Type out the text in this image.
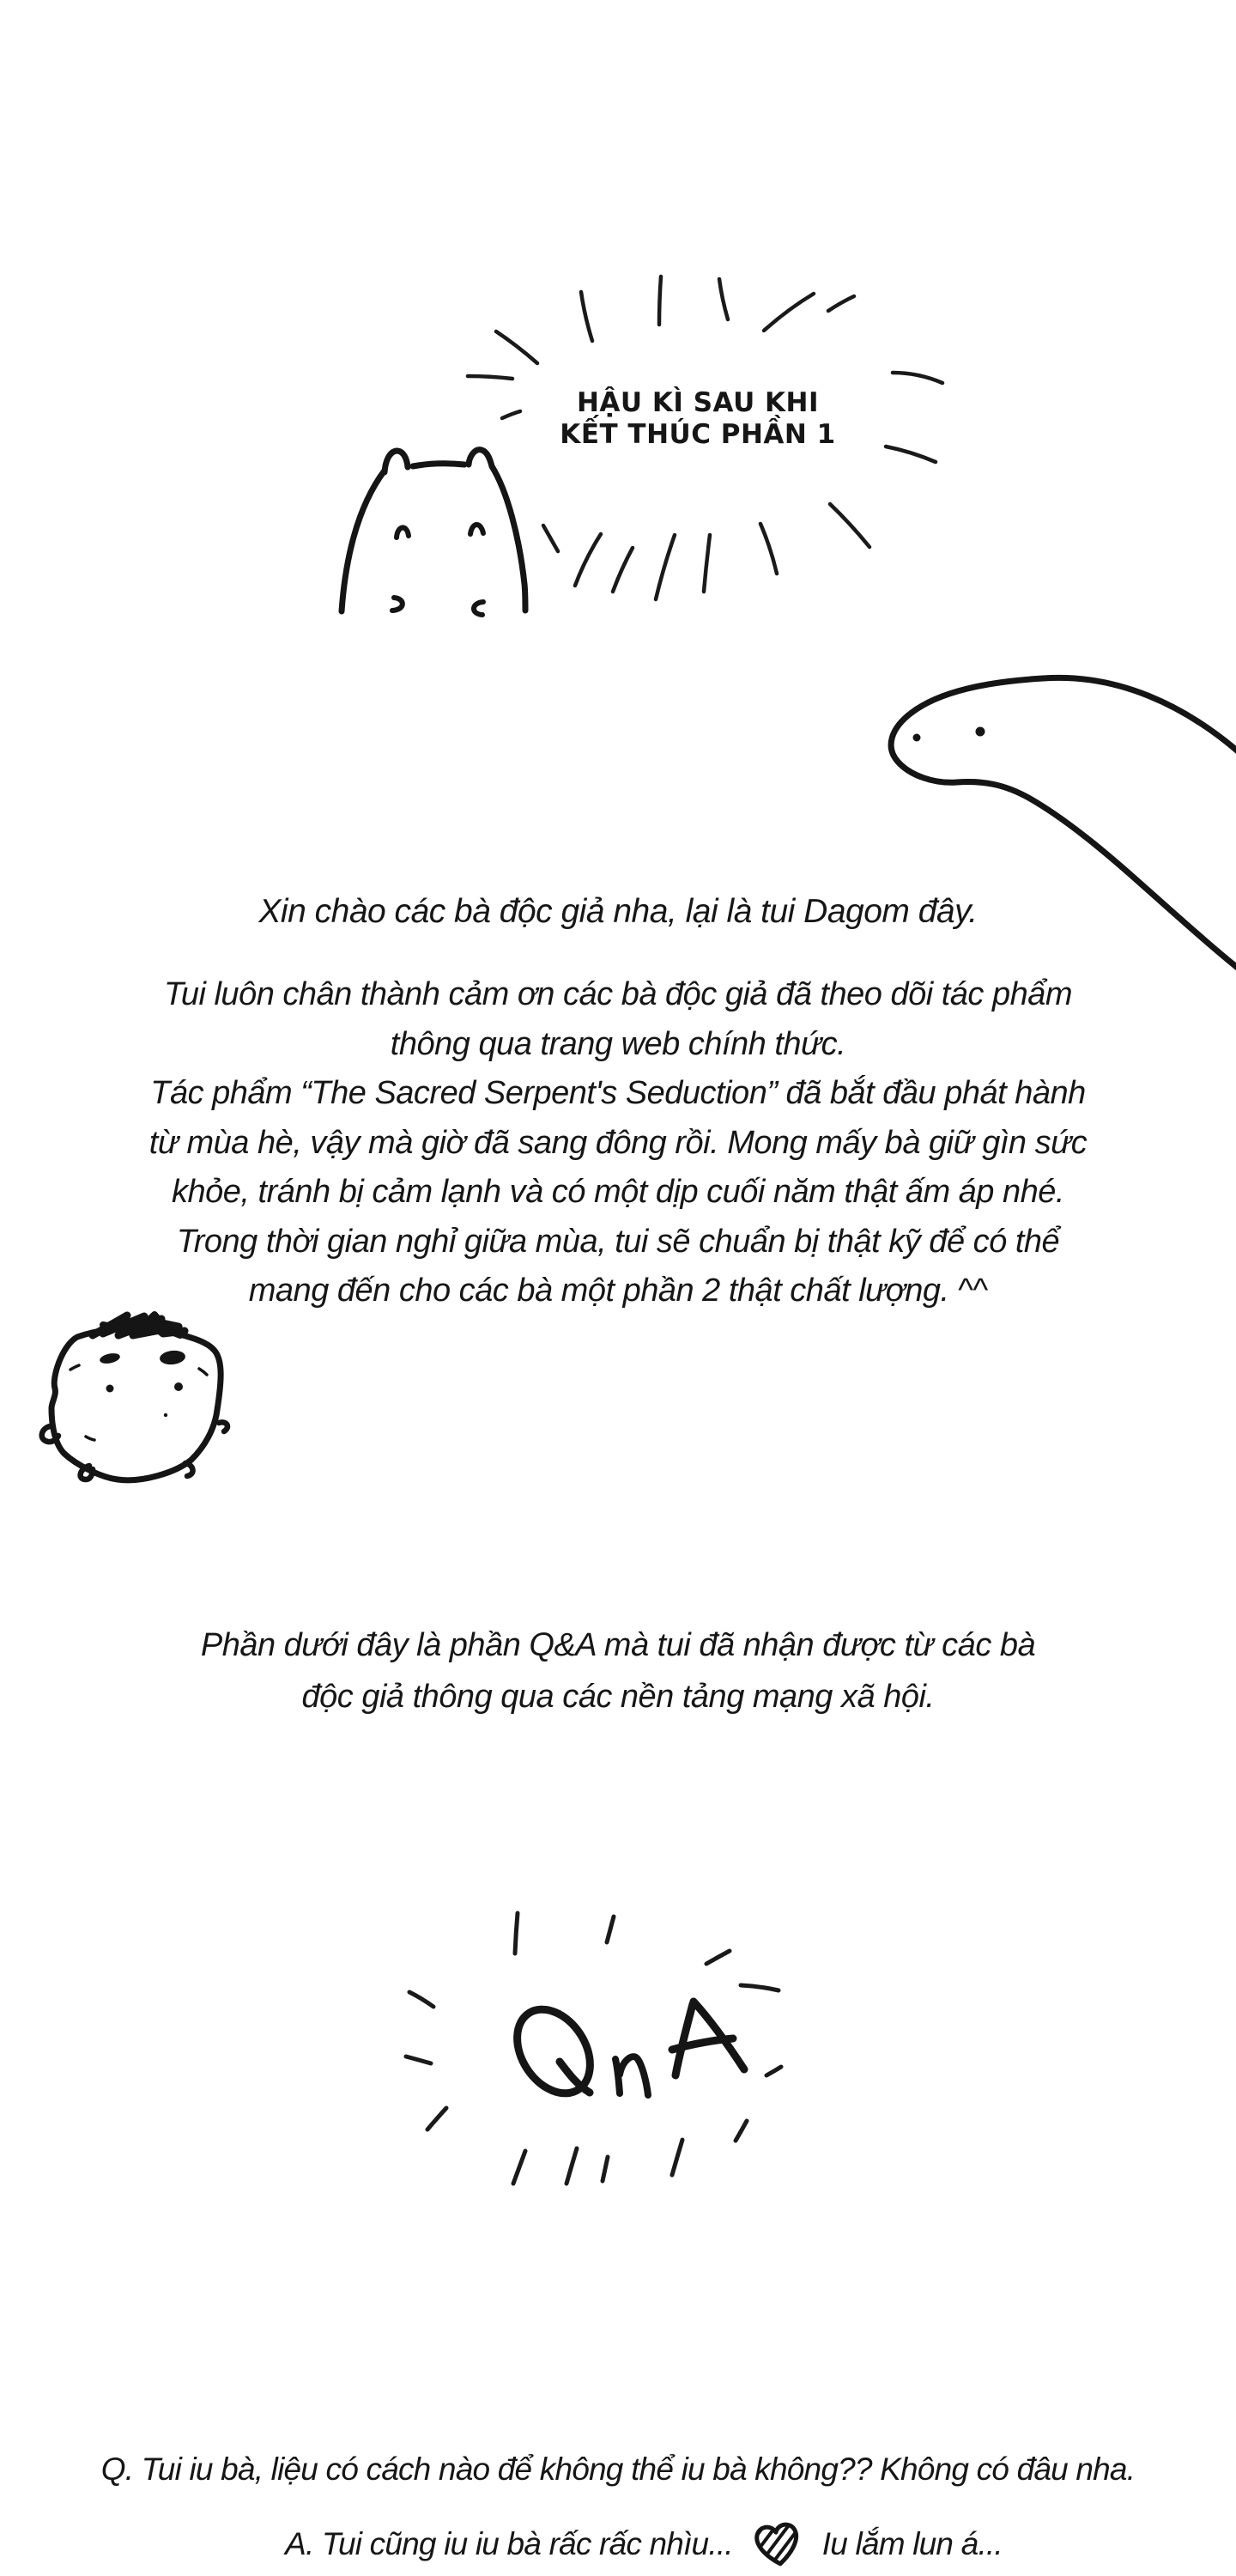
HẬU KÌ SAU KHI
KẾT THÚC PHẦN 1
Xin chào các bà độc giả nha, lại là tui Dagom đây.
Tui luôn chân thành cảm ơn các bà độc giả đã theo dõi tác phẩm
thông qua trang web chính thức.
Tác phẩm “The Sacred Serpent's Seduction” đã bắt đầu phát hành
từ mùa hè, vậy mà giờ đã sang đông rồi. Mong mấy bà giữ gìn sức
khỏe, tránh bị cảm lạnh và có một dịp cuối năm thật ấm áp nhé.
Trong thời gian nghỉ giữa mùa, tui sẽ chuẩn bị thật kỹ để có thể
mang đến cho các bà một phần 2 thật chất lượng. ^^
Phần dưới đây là phần Q&A mà tui đã nhận được từ các bà
độc giả thông qua các nền tảng mạng xã hội.
Q. Tui iu bà, liệu có cách nào để không thể iu bà không?? Không có đâu nha.
A. Tui cũng iu iu bà rấc rấc nhìu...	Iu lắm lun á...
